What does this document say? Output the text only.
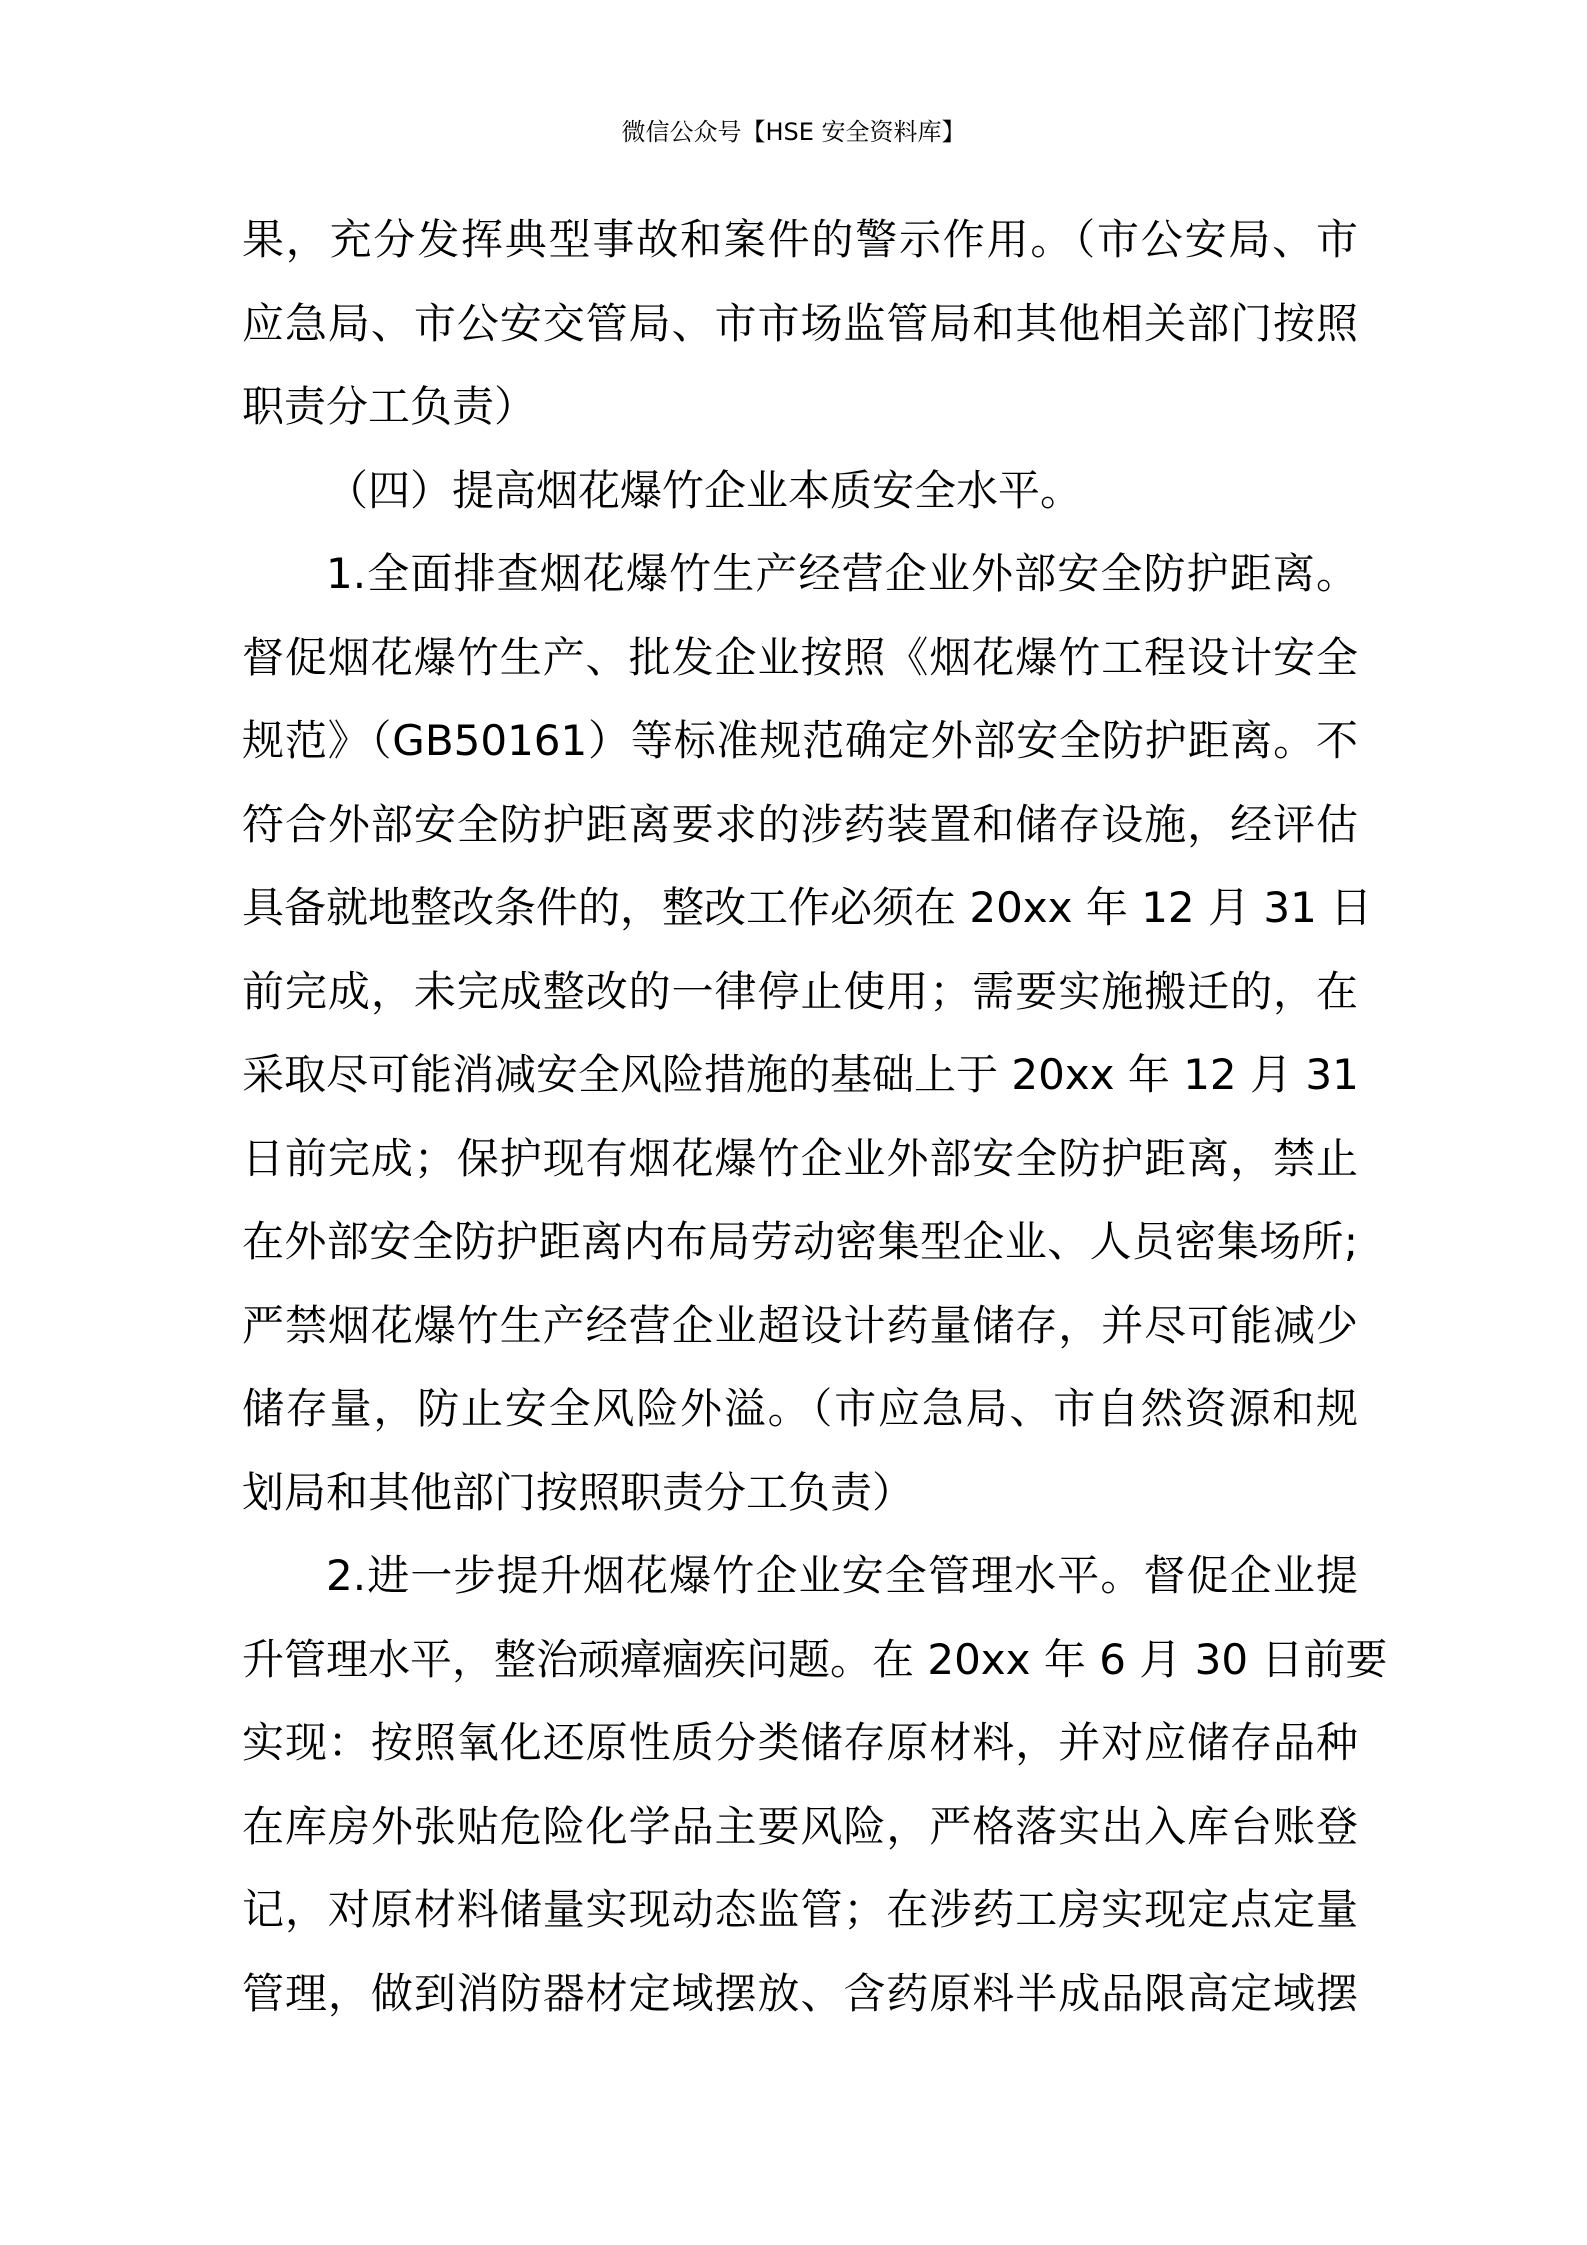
微信公众号【HSE 安全资料库】
果，充分发挥典型事故和案件的警示作用。（市公安局、市
应急局、市公安交管局、市市场监管局和其他相关部门按照
职责分工负责）
（四）提高烟花爆竹企业本质安全水平。
1.全面排查烟花爆竹生产经营企业外部安全防护距离。
督促烟花爆竹生产、批发企业按照《烟花爆竹工程设计安全
规范》（GB50161）等标准规范确定外部安全防护距离。不
符合外部安全防护距离要求的涉药装置和储存设施，经评估
具备就地整改条件的，整改工作必须在 20xx 年 12 月 31 日
前完成，未完成整改的一律停止使用；需要实施搬迁的，在
采取尽可能消减安全风险措施的基础上于 20xx 年 12 月 31
日前完成；保护现有烟花爆竹企业外部安全防护距离，禁止
在外部安全防护距离内布局劳动密集型企业、人员密集场所;
严禁烟花爆竹生产经营企业超设计药量储存，并尽可能减少
储存量，防止安全风险外溢。（市应急局、市自然资源和规
划局和其他部门按照职责分工负责）
2.进一步提升烟花爆竹企业安全管理水平。督促企业提
升管理水平，整治顽瘴痼疾问题。在 20xx 年 6 月 30 日前要
实现：按照氧化还原性质分类储存原材料，并对应储存品种
在库房外张贴危险化学品主要风险，严格落实出入库台账登
记，对原材料储量实现动态监管；在涉药工房实现定点定量
管理，做到消防器材定域摆放、含药原料半成品限高定域摆
